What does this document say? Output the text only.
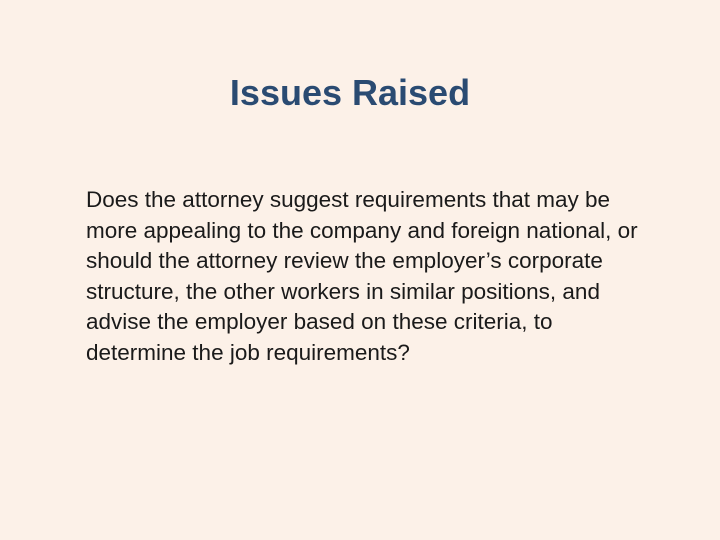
Issues Raised

Does the attorney suggest requirements that may be more appealing to the company and foreign national, or should the attorney review the employer’s corporate structure, the other workers in similar positions, and advise the employer based on these criteria, to determine the job requirements?
